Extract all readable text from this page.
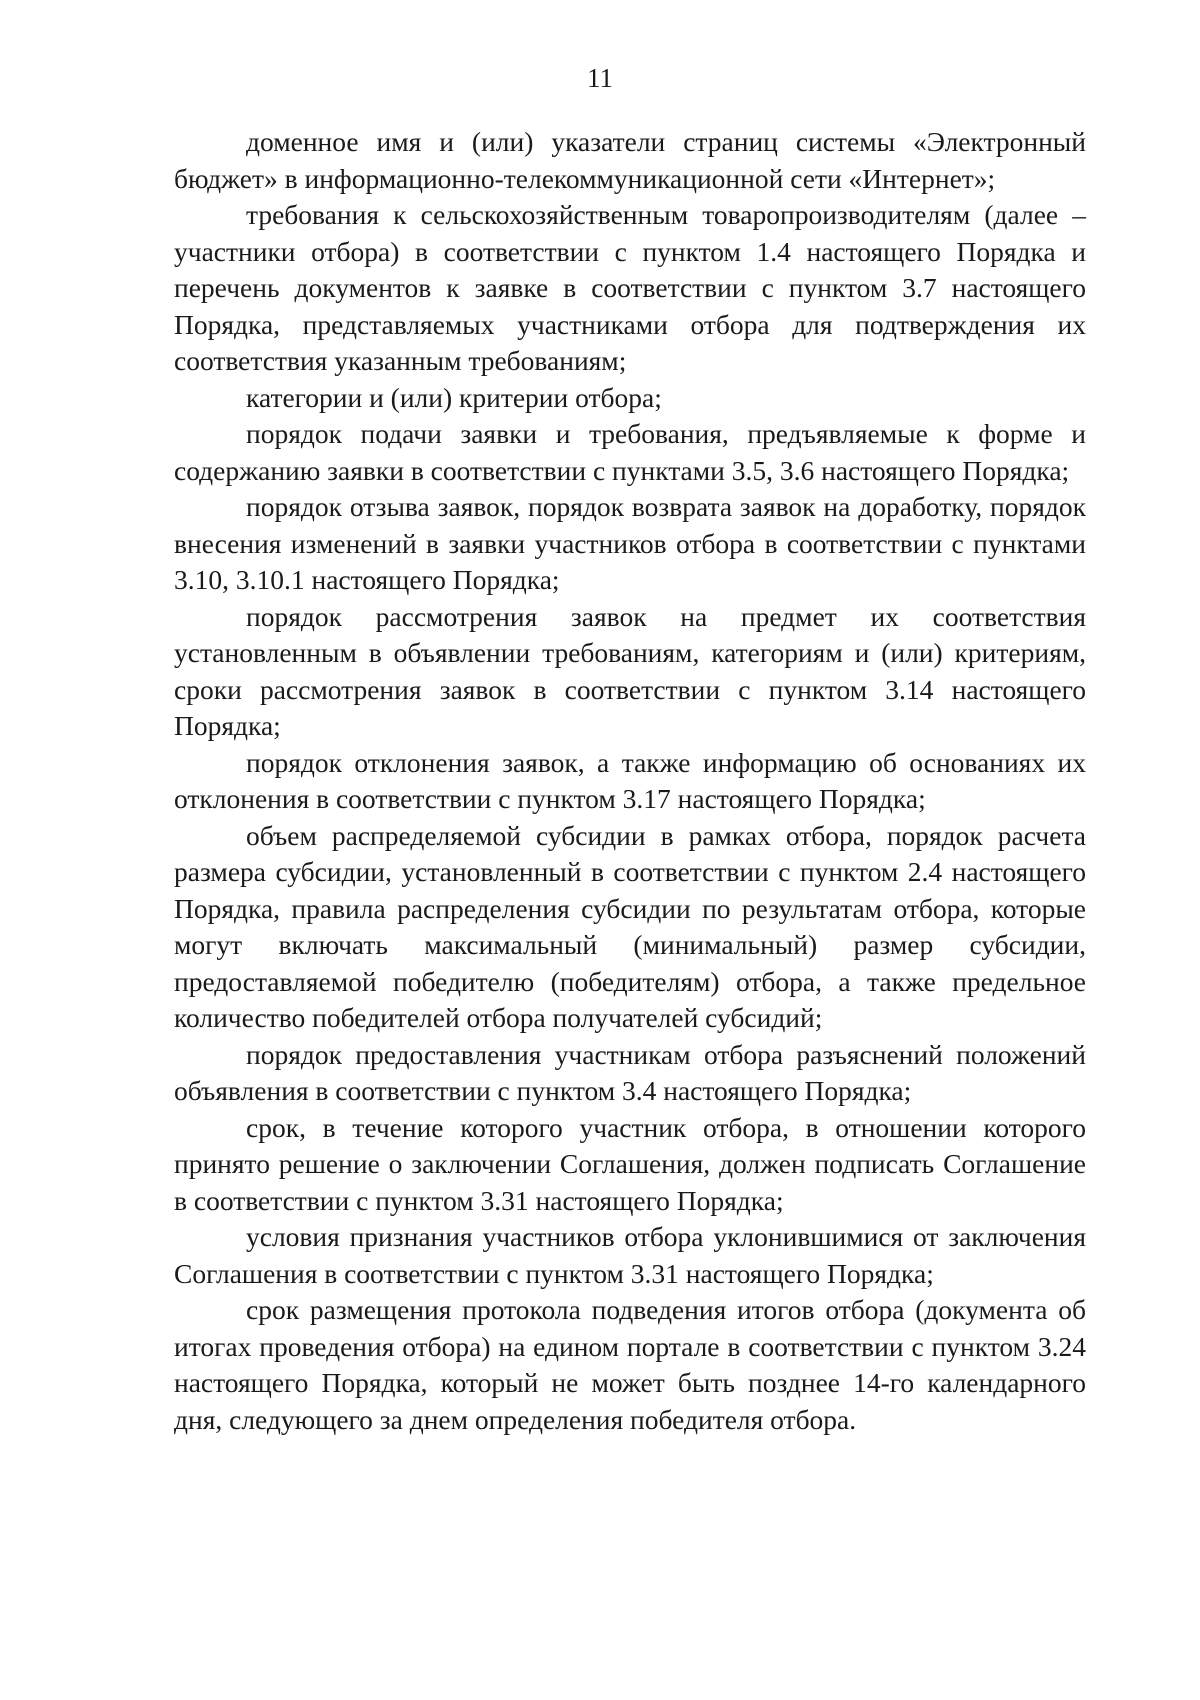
11

доменное имя и (или) указатели страниц системы «Электронный бюджет» в информационно-телекоммуникационной сети «Интернет»;

требования к сельскохозяйственным товаропроизводителям (далее – участники отбора) в соответствии с пунктом 1.4 настоящего Порядка и перечень документов к заявке в соответствии с пунктом 3.7 настоящего Порядка, представляемых участниками отбора для подтверждения их соответствия указанным требованиям;

категории и (или) критерии отбора;

порядок подачи заявки и требования, предъявляемые к форме и содержанию заявки в соответствии с пунктами 3.5, 3.6 настоящего Порядка;

порядок отзыва заявок, порядок возврата заявок на доработку, порядок внесения изменений в заявки участников отбора в соответствии с пунктами 3.10, 3.10.1 настоящего Порядка;

порядок рассмотрения заявок на предмет их соответствия установленным в объявлении требованиям, категориям и (или) критериям, сроки рассмотрения заявок в соответствии с пунктом 3.14 настоящего Порядка;

порядок отклонения заявок, а также информацию об основаниях их отклонения в соответствии с пунктом 3.17 настоящего Порядка;

объем распределяемой субсидии в рамках отбора, порядок расчета размера субсидии, установленный в соответствии с пунктом 2.4 настоящего Порядка, правила распределения субсидии по результатам отбора, которые могут включать максимальный (минимальный) размер субсидии, предоставляемой победителю (победителям) отбора, а также предельное количество победителей отбора получателей субсидий;

порядок предоставления участникам отбора разъяснений положений объявления в соответствии с пунктом 3.4 настоящего Порядка;

срок, в течение которого участник отбора, в отношении которого принято решение о заключении Соглашения, должен подписать Соглашение в соответствии с пунктом 3.31 настоящего Порядка;

условия признания участников отбора уклонившимися от заключения Соглашения в соответствии с пунктом 3.31 настоящего Порядка;

срок размещения протокола подведения итогов отбора (документа об итогах проведения отбора) на едином портале в соответствии с пунктом 3.24 настоящего Порядка, который не может быть позднее 14-го календарного дня, следующего за днем определения победителя отбора.
